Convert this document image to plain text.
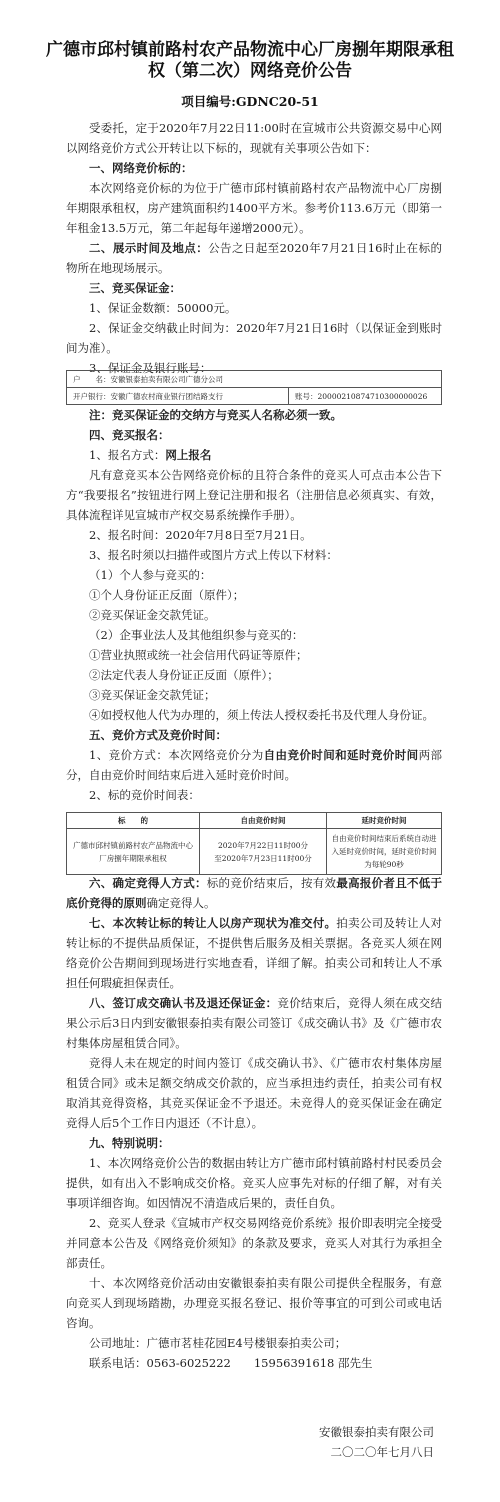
广德市邱村镇前路村农产品物流中心厂房捌年期限承租权（第二次）网络竞价公告
项目编号:GDNC20-51

受委托，定于2020年7月22日11:00时在宣城市公共资源交易中心网以网络竞价方式公开转让以下标的，现就有关事项公告如下：

一、网络竞价标的：

本次网络竞价标的为位于广德市邱村镇前路村农产品物流中心厂房捌年期限承租权，房产建筑面积约1400平方米。参考价113.6万元（即第一年租金13.5万元，第二年起每年递增2000元）。

二、展示时间及地点：公告之日起至2020年7月21日16时止在标的物所在地现场展示。

三、竞买保证金：

1、保证金数额：50000元。

2、保证金交纳截止时间为：2020年7月21日16时（以保证金到账时间为准）。

3、保证金及银行账号：

户　　名：安徽银泰拍卖有限公司广德分公司
开户银行：安徽广德农村商业银行团结路支行	账号：20000210874710300000026

注：竞买保证金的交纳方与竞买人名称必须一致。

四、竞买报名：

1、报名方式：网上报名

凡有意竞买本公告网络竞价标的且符合条件的竞买人可点击本公告下方“我要报名”按钮进行网上登记注册和报名（注册信息必须真实、有效，具体流程详见宣城市产权交易系统操作手册）。

2、报名时间：2020年7月8日至7月21日。

3、报名时须以扫描件或图片方式上传以下材料：

（1）个人参与竞买的：

①个人身份证正反面（原件）；

②竞买保证金交款凭证。

（2）企事业法人及其他组织参与竞买的：

①营业执照或统一社会信用代码证等原件；

②法定代表人身份证正反面（原件）；

③竞买保证金交款凭证；

④如授权他人代为办理的，须上传法人授权委托书及代理人身份证。

五、竞价方式及竞价时间：

1、竞价方式：本次网络竞价分为自由竞价时间和延时竞价时间两部分，自由竞价时间结束后进入延时竞价时间。

2、标的竞价时间表：

标　　的	自由竞价时间	延时竞价时间
广德市邱村镇前路村农产品物流中心厂房捌年期限承租权	2020年7月22日11时00分
至2020年7月23日11时00分	自由竞价时间结束后系统自动进入延时竞价时间，延时竞价时间为每轮90秒

六、确定竞得人方式：标的竞价结束后，按有效最高报价者且不低于底价竞得的原则确定竞得人。

七、本次转让标的转让人以房产现状为准交付。拍卖公司及转让人对转让标的不提供品质保证，不提供售后服务及相关票据。各竞买人须在网络竞价公告期间到现场进行实地查看，详细了解。拍卖公司和转让人不承担任何瑕疵担保责任。

八、签订成交确认书及退还保证金：竞价结束后，竞得人须在成交结果公示后3日内到安徽银泰拍卖有限公司签订《成交确认书》及《广德市农村集体房屋租赁合同》。

竞得人未在规定的时间内签订《成交确认书》、《广德市农村集体房屋租赁合同》或未足额交纳成交价款的，应当承担违约责任，拍卖公司有权取消其竞得资格，其竞买保证金不予退还。未竞得人的竞买保证金在确定竞得人后5个工作日内退还（不计息）。

九、特别说明：

1、本次网络竞价公告的数据由转让方广德市邱村镇前路村村民委员会提供，如有出入不影响成交价格。竞买人应事先对标的仔细了解，对有关事项详细咨询。如因情况不清造成后果的，责任自负。

2、竞买人登录《宣城市产权交易网络竞价系统》报价即表明完全接受并同意本公告及《网络竞价须知》的条款及要求，竞买人对其行为承担全部责任。

十、本次网络竞价活动由安徽银泰拍卖有限公司提供全程服务，有意向竞买人到现场踏勘，办理竞买报名登记、报价等事宜的可到公司或电话咨询。

公司地址：广德市茗桂花园E4号楼银泰拍卖公司；

联系电话：0563-6025222　　15956391618 邵先生

安徽银泰拍卖有限公司
二〇二〇年七月八日
